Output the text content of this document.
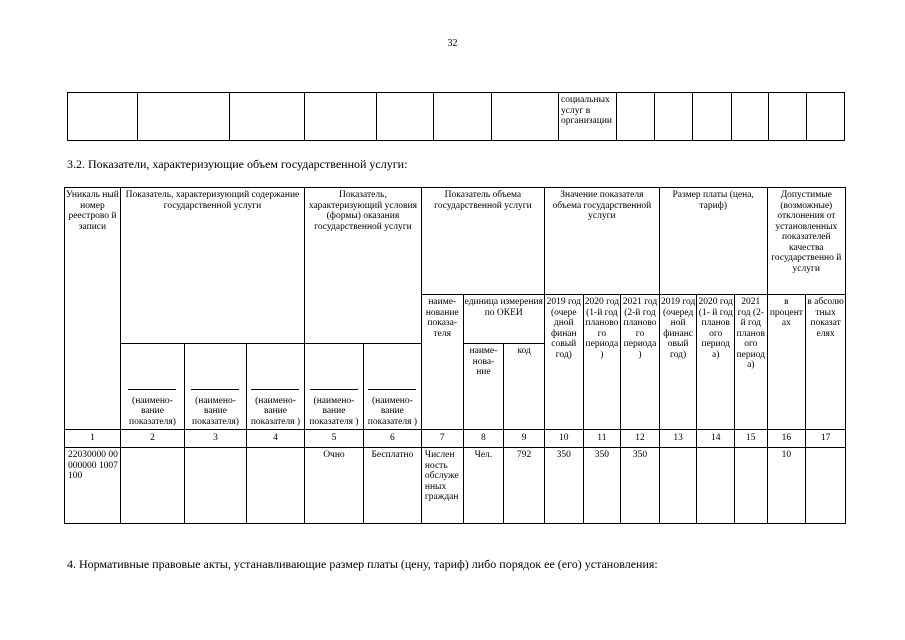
32

социальных
услуг в
организации

3.2. Показатели, характеризующие объем государственной услуги:
Уникаль ный номер реестрово й записи	Показатель, характеризующий содержание государственной услуги			Показатель, характеризующий условия (формы) оказания государственной услуги		Показатель объема государственной услуги			Значение показателя объема государственной услуги			Размер платы (цена, тариф)			Допустимые (возможные) отклонения от установленных показателей качества государственно й услуги	
						наиме- нование показа- теля	единица измерения по ОКЕИ		2019 год (очере дной финан совый год)	2020 год (1-й год планово го периода )	2021 год (2-й год планово го периода )	2019 год (очеред ной финанс овый год)	2020 год (1- й год планов ого период а)	2021 год (2- й год планов ого период а)	в процент ах	в абсолю тных показат елях

(наимено- вание показателя)	(наимено- вание показателя)	(наимено- вание показателя )	(наимено- вание показателя )	(наимено- вание показателя )		наиме- нова- ние	код								
1	2	3	4	5	6	7	8	9	10	11	12	13	14	15	16	17
22030000 00000000 1007100				Очно	Бесплатно	Числен ность обслуже нных граждан	Чел.	792	350	350	350				10	
4. Нормативные правовые акты, устанавливающие размер платы (цену, тариф) либо порядок ее (его) установления:
